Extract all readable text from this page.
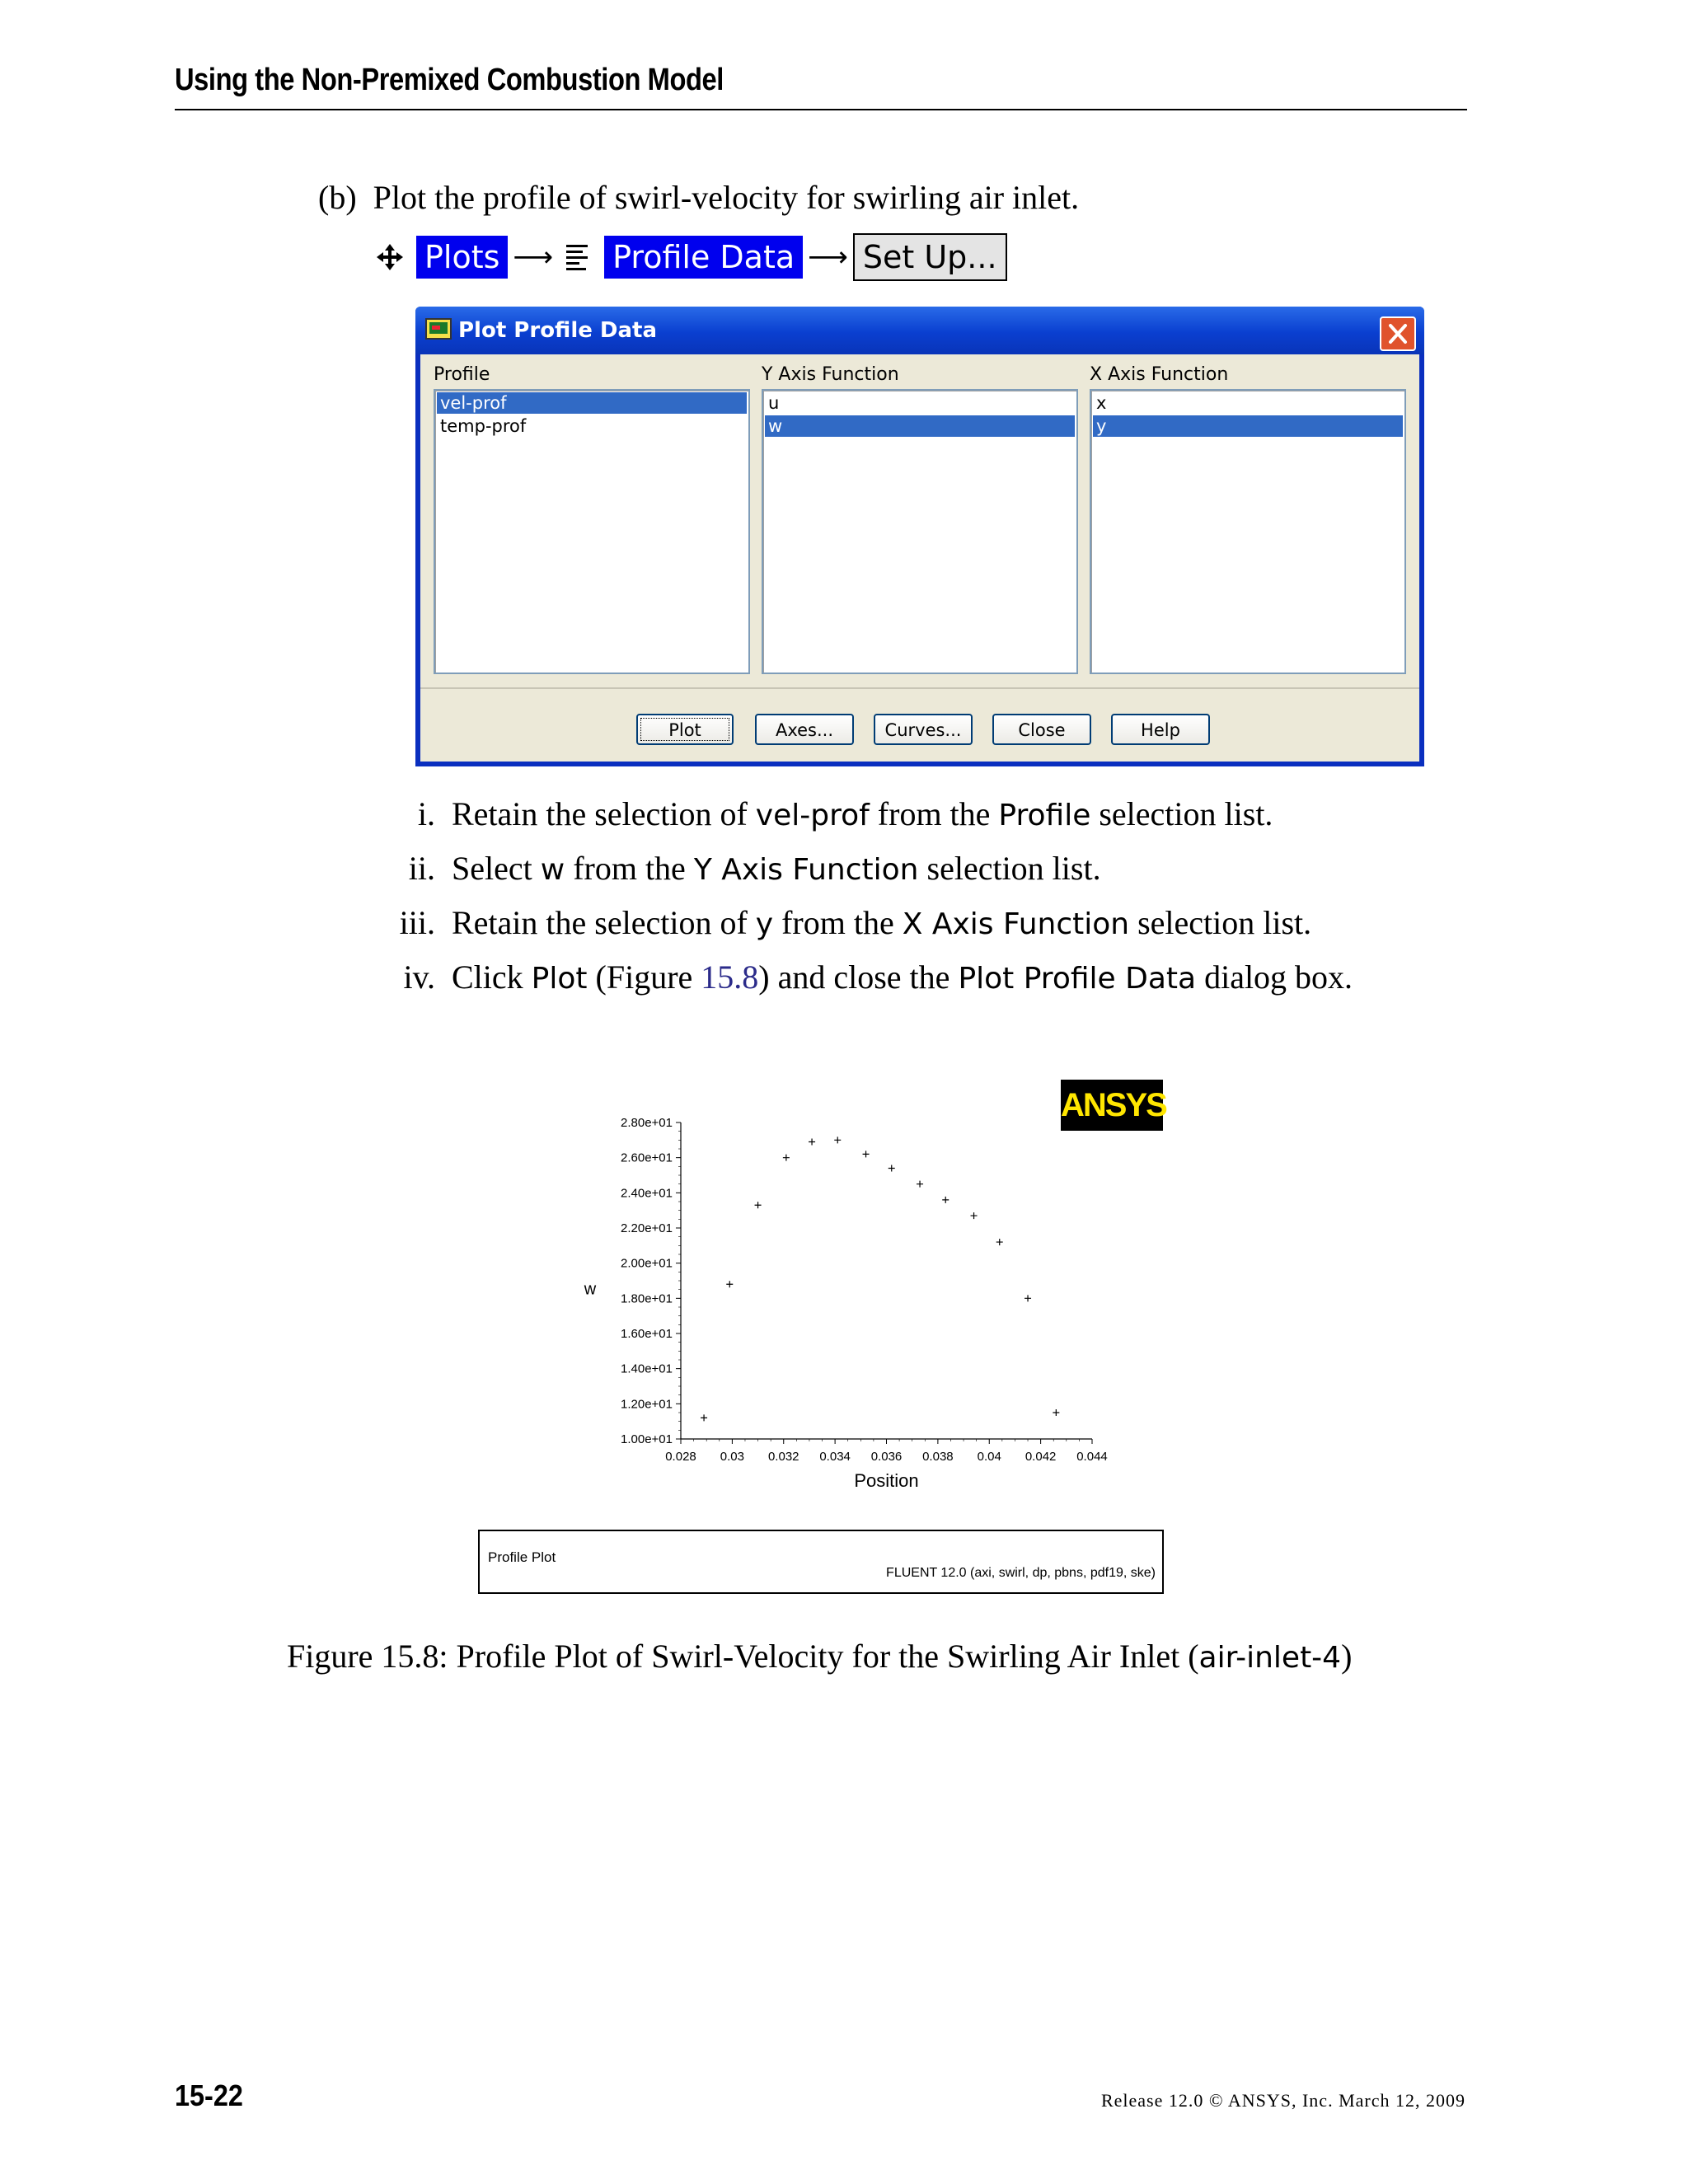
Using the Non-Premixed Combustion Model
(b) Plot the profile of swirl-velocity for swirling air inlet.
Plots ⟶ Profile Data ⟶ Set Up...
Plot Profile Data
Profile	Y Axis Function	X Axis Function
vel-prof
temp-prof
u
w
x
y
Plot	Axes...	Curves...	Close	Help
i. Retain the selection of vel-prof from the Profile selection list.
ii. Select w from the Y Axis Function selection list.
iii. Retain the selection of y from the X Axis Function selection list.
iv. Click Plot (Figure 15.8) and close the Plot Profile Data dialog box.
ANSYS
1.00e+01
1.20e+01
1.40e+01
1.60e+01
1.80e+01
2.00e+01
2.20e+01
2.40e+01
2.60e+01
2.80e+01
0.028 0.03 0.032 0.034 0.036 0.038 0.04 0.042 0.044
Position
w
Profile Plot
FLUENT 12.0 (axi, swirl, dp, pbns, pdf19, ske)
Figure 15.8: Profile Plot of Swirl-Velocity for the Swirling Air Inlet (air-inlet-4)
15-22	Release 12.0 © ANSYS, Inc. March 12, 2009
